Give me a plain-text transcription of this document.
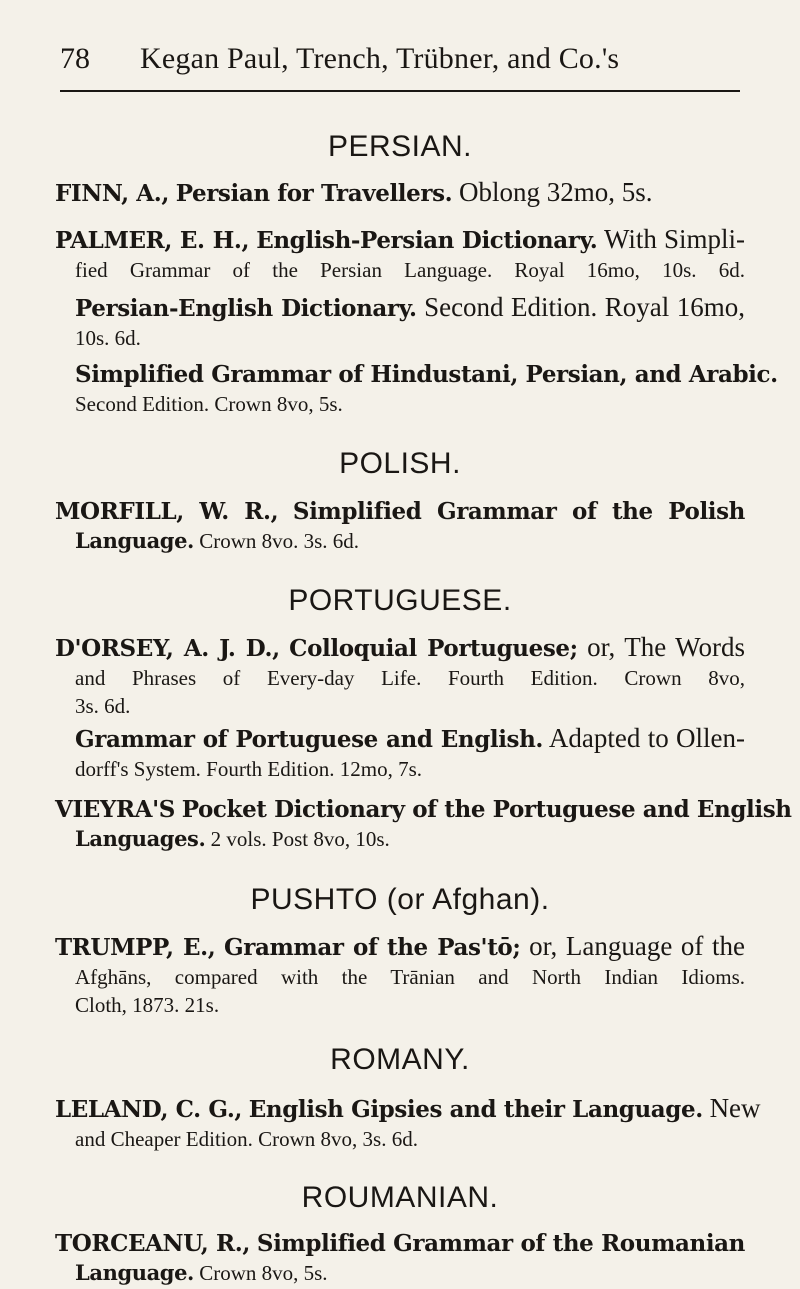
78 Kegan Paul, Trench, Trübner, and Co.'s
PERSIAN.
FINN, A., Persian for Travellers. Oblong 32mo, 5s.
PALMER, E. H., English-Persian Dictionary. With Simpli-
fied Grammar of the Persian Language. Royal 16mo, 10s. 6d.
Persian-English Dictionary. Second Edition. Royal 16mo,
10s. 6d.
Simplified Grammar of Hindustani, Persian, and Arabic.
Second Edition. Crown 8vo, 5s.
POLISH.
MORFILL, W. R., Simplified Grammar of the Polish
Language. Crown 8vo. 3s. 6d.
PORTUGUESE.
D'ORSEY, A. J. D., Colloquial Portuguese; or, The Words
and Phrases of Every-day Life. Fourth Edition. Crown 8vo,
3s. 6d.
Grammar of Portuguese and English. Adapted to Ollen-
dorff's System. Fourth Edition. 12mo, 7s.
VIEYRA'S Pocket Dictionary of the Portuguese and English
Languages. 2 vols. Post 8vo, 10s.
PUSHTO (or Afghan).
TRUMPP, E., Grammar of the Pas'tō; or, Language of the
Afghāns, compared with the Trānian and North Indian Idioms.
Cloth, 1873. 21s.
ROMANY.
LELAND, C. G., English Gipsies and their Language. New
and Cheaper Edition. Crown 8vo, 3s. 6d.
ROUMANIAN.
TORCEANU, R., Simplified Grammar of the Roumanian
Language. Crown 8vo, 5s.
